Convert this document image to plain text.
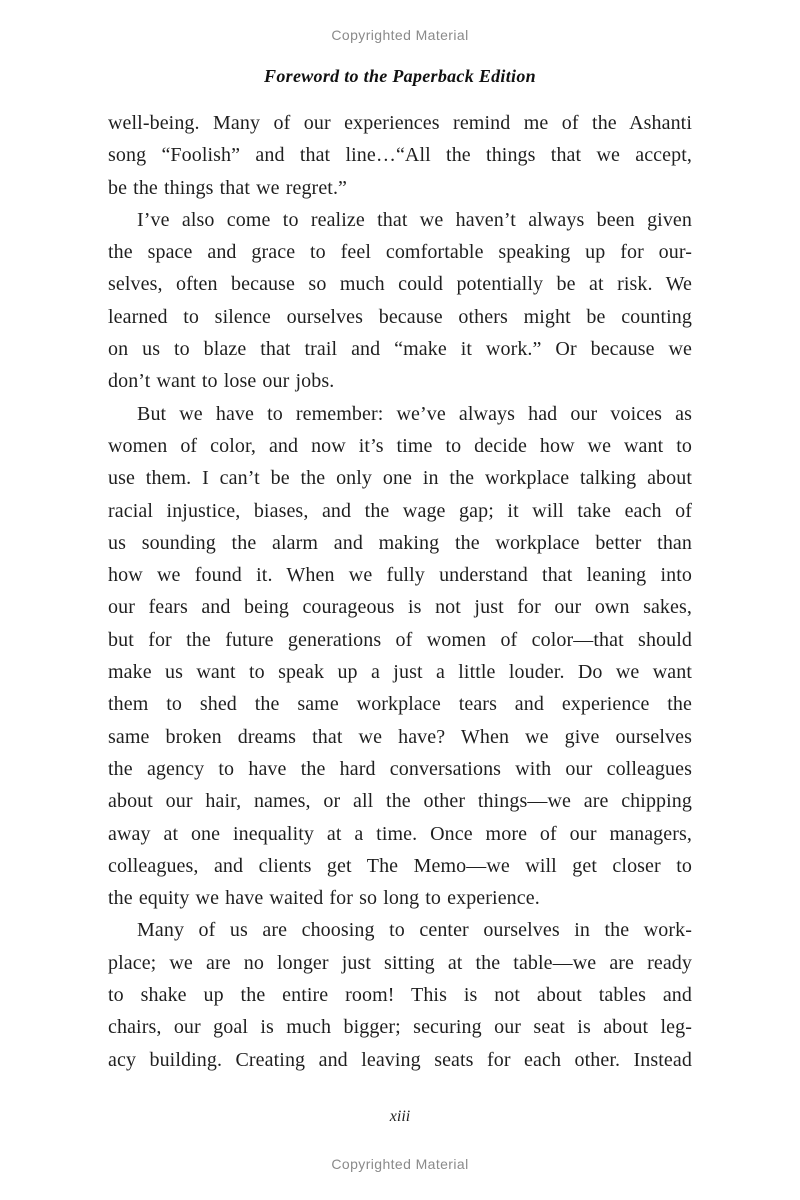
Copyrighted Material
Foreword to the Paperback Edition
well-being. Many of our experiences remind me of the Ashanti
song “Foolish” and that line…“All the things that we accept,
be the things that we regret.”
I’ve also come to realize that we haven’t always been given
the space and grace to feel comfortable speaking up for our-
selves, often because so much could potentially be at risk. We
learned to silence ourselves because others might be counting
on us to blaze that trail and “make it work.” Or because we
don’t want to lose our jobs.
But we have to remember: we’ve always had our voices as
women of color, and now it’s time to decide how we want to
use them. I can’t be the only one in the workplace talking about
racial injustice, biases, and the wage gap; it will take each of
us sounding the alarm and making the workplace better than
how we found it. When we fully understand that leaning into
our fears and being courageous is not just for our own sakes,
but for the future generations of women of color—that should
make us want to speak up a just a little louder. Do we want
them to shed the same workplace tears and experience the
same broken dreams that we have? When we give ourselves
the agency to have the hard conversations with our colleagues
about our hair, names, or all the other things—we are chipping
away at one inequality at a time. Once more of our managers,
colleagues, and clients get The Memo—we will get closer to
the equity we have waited for so long to experience.
Many of us are choosing to center ourselves in the work-
place; we are no longer just sitting at the table—we are ready
to shake up the entire room! This is not about tables and
chairs, our goal is much bigger; securing our seat is about leg-
acy building. Creating and leaving seats for each other. Instead
xiii
Copyrighted Material
